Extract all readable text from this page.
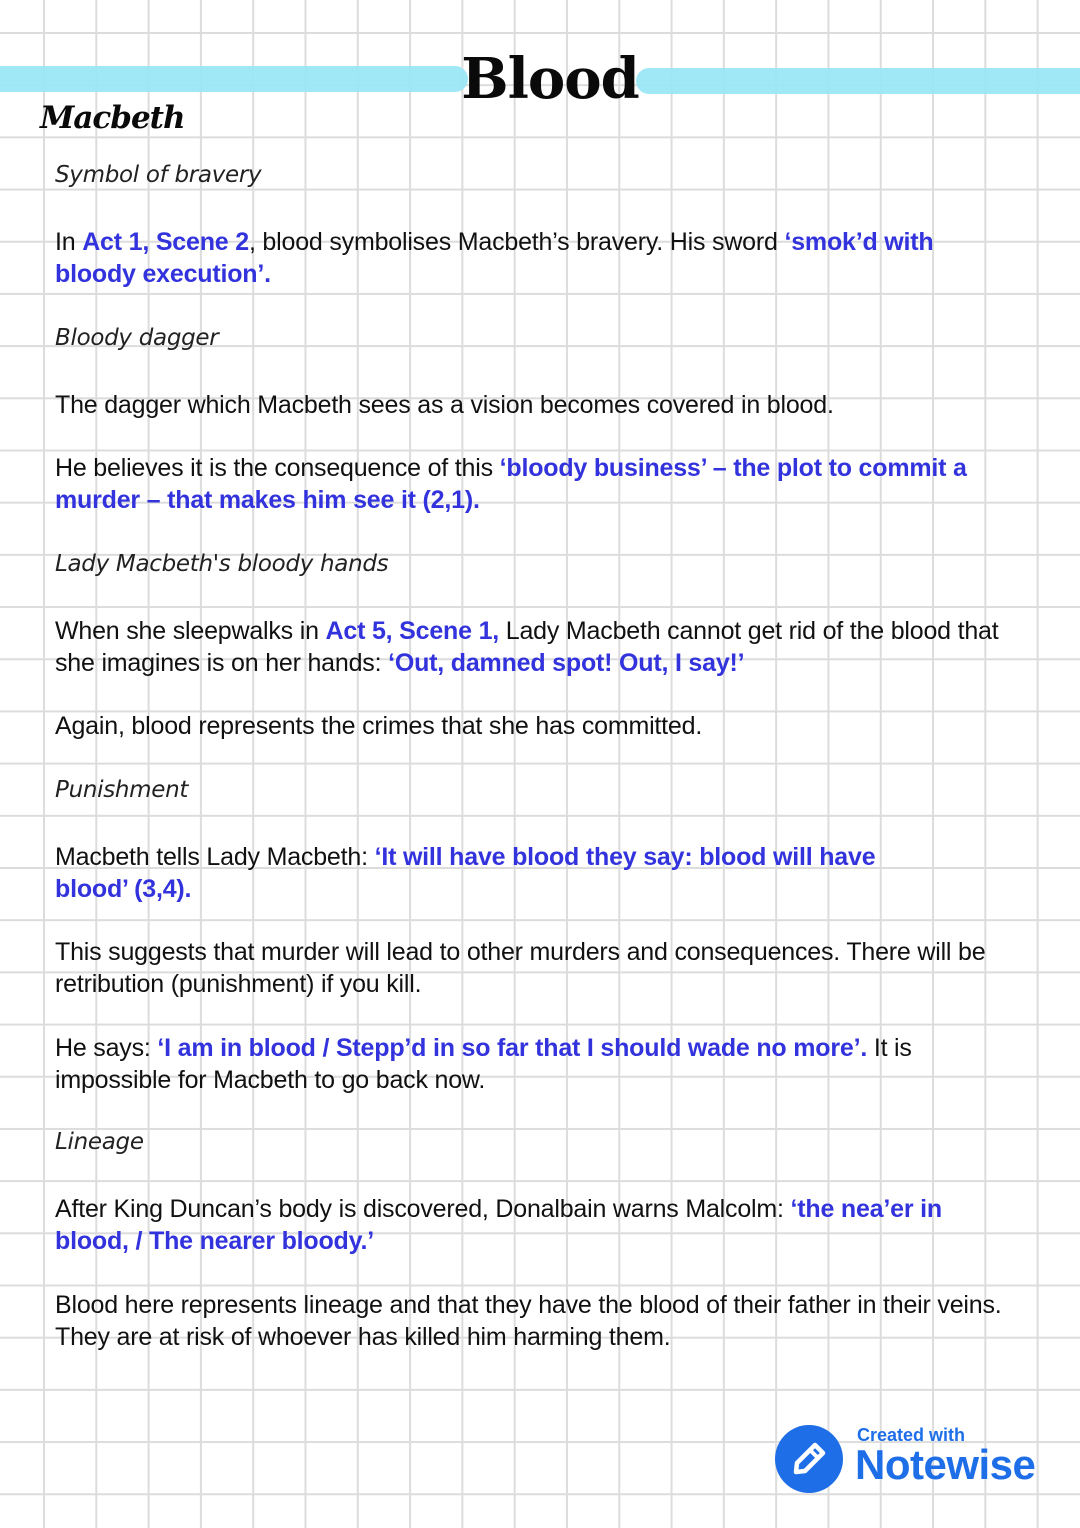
Blood
Macbeth
Symbol of bravery
In Act 1, Scene 2, blood symbolises Macbeth’s bravery. His sword ‘smok’d with bloody execution’.
Bloody dagger
The dagger which Macbeth sees as a vision becomes covered in blood.
He believes it is the consequence of this ‘bloody business’ – the plot to commit a murder – that makes him see it (2,1).
Lady Macbeth's bloody hands
When she sleepwalks in Act 5, Scene 1, Lady Macbeth cannot get rid of the blood that she imagines is on her hands: ‘Out, damned spot! Out, I say!’
Again, blood represents the crimes that she has committed.
Punishment
Macbeth tells Lady Macbeth: ‘It will have blood they say: blood will have blood’ (3,4).
This suggests that murder will lead to other murders and consequences. There will be retribution (punishment) if you kill.
He says: ‘I am in blood / Stepp’d in so far that I should wade no more’. It is impossible for Macbeth to go back now.
Lineage
After King Duncan’s body is discovered, Donalbain warns Malcolm: ‘the nea’er in blood, / The nearer bloody.’
Blood here represents lineage and that they have the blood of their father in their veins. They are at risk of whoever has killed him harming them.
Created with
Notewise
